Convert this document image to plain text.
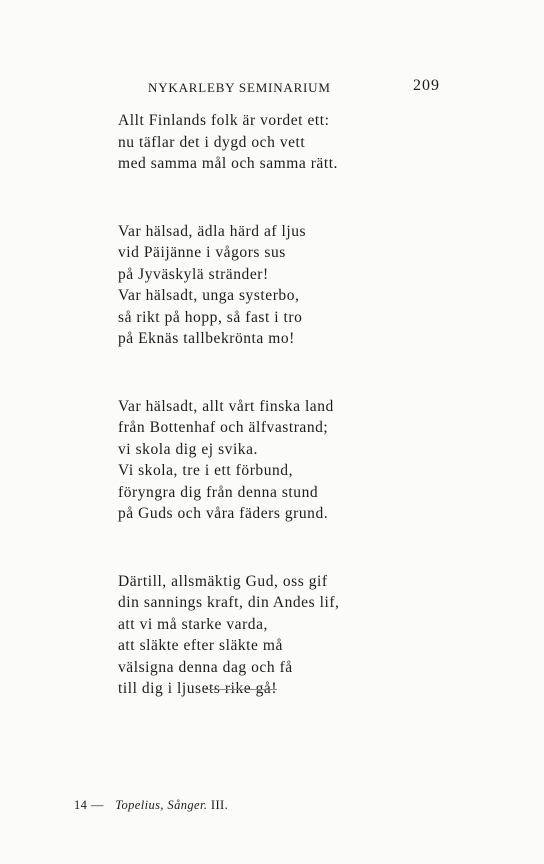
NYKARLEBY SEMINARIUM	209
Allt Finlands folk är vordet ett:
nu täflar det i dygd och vett
med samma mål och samma rätt.
Var hälsad, ädla härd af ljus
vid Päijänne i vågors sus
på Jyväskylä stränder!
Var hälsadt, unga systerbo,
så rikt på hopp, så fast i tro
på Eknäs tallbekrönta mo!
Var hälsadt, allt vårt finska land
från Bottenhaf och älfvastrand;
vi skola dig ej svika.
Vi skola, tre i ett förbund,
föryngra dig från denna stund
på Guds och våra fäders grund.
Därtill, allsmäktig Gud, oss gif
din sannings kraft, din Andes lif,
att vi må starke varda,
att släkte efter släkte må
välsigna denna dag och få
till dig i ljusets rike gå!
14 — Topelius, Sånger. III.
